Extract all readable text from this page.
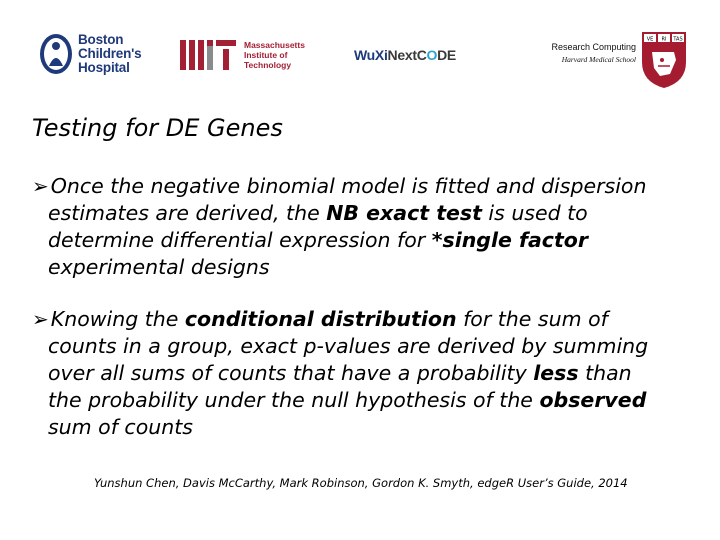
Boston
Children's
Hospital
Massachusetts
Institute of
Technology
WuXiNextCODE	Research Computing
Harvard Medical School
VE RI TAS
Testing for DE Genes
➢Once the negative binomial model is fitted and dispersion
estimates are derived, the NB exact test is used to
determine differential expression for *single factor
experimental designs
➢Knowing the conditional distribution for the sum of
counts in a group, exact p-values are derived by summing
over all sums of counts that have a probability less than
the probability under the null hypothesis of the observed
sum of counts
Yunshun Chen, Davis McCarthy, Mark Robinson, Gordon K. Smyth, edgeR User’s Guide, 2014
